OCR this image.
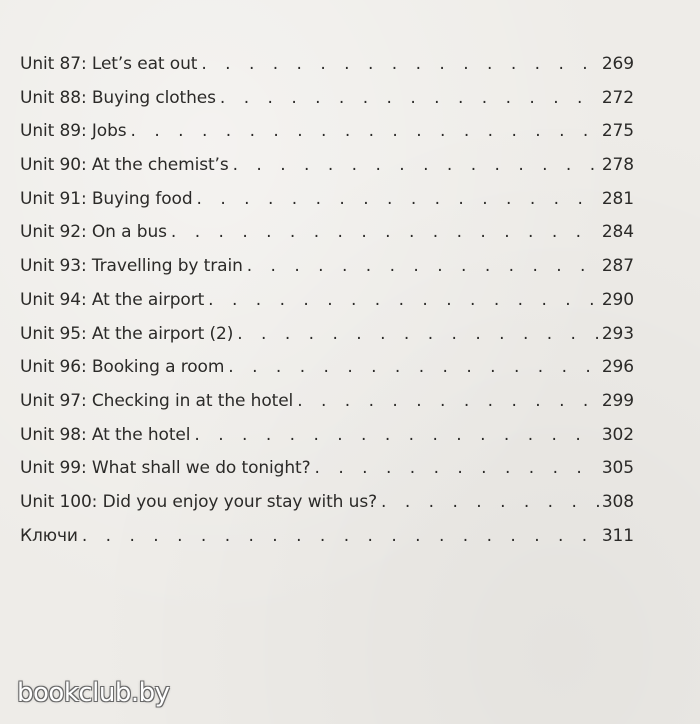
Unit 87: Let’s eat out . . .	269
Unit 88: Buying clothes . . .	272
Unit 89: Jobs . . .	275
Unit 90: At the chemist’s . . .	278
Unit 91: Buying food . . .	281
Unit 92: On a bus . . .	284
Unit 93: Travelling by train . . .	287
Unit 94: At the airport . . .	290
Unit 95: At the airport (2) . . .	293
Unit 96: Booking a room . . .	296
Unit 97: Checking in at the hotel . . .	299
Unit 98: At the hotel . . .	302
Unit 99: What shall we do tonight? . . .	305
Unit 100: Did you enjoy your stay with us? . . .	308
Ключи . . .	311
bookclub.by
